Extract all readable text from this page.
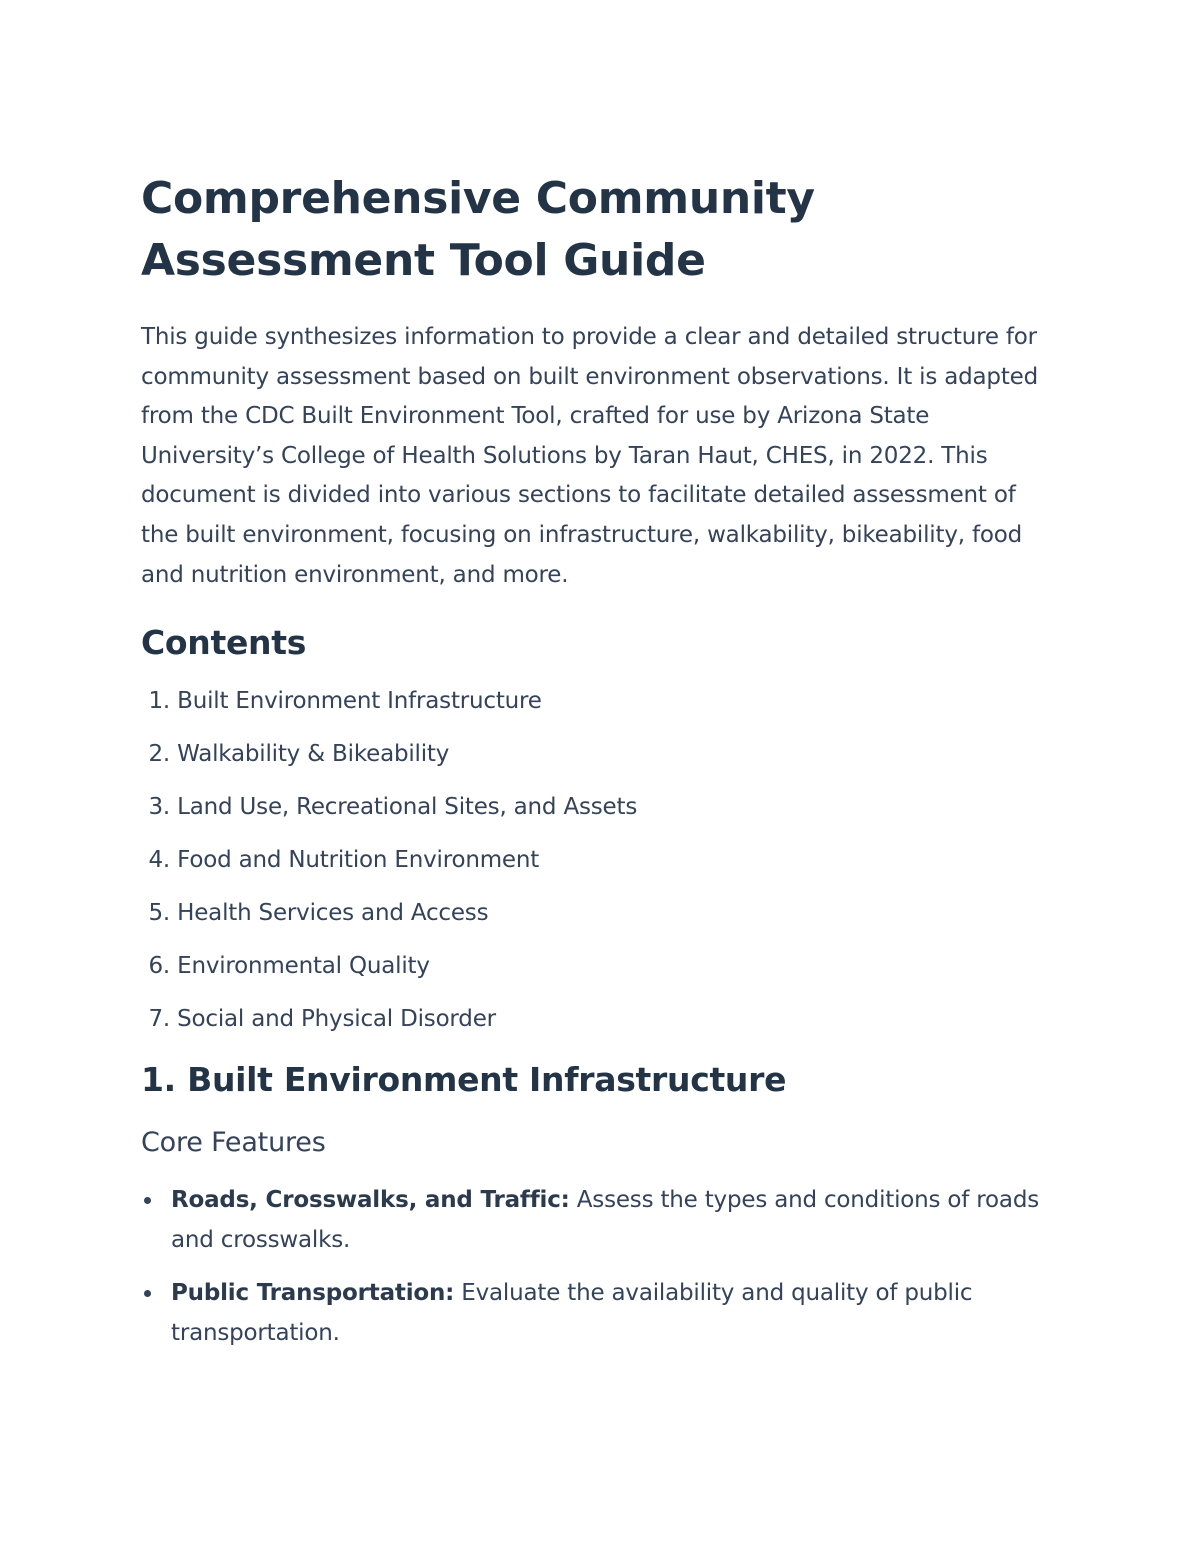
Comprehensive Community
Assessment Tool Guide

This guide synthesizes information to provide a clear and detailed structure for community assessment based on built environment observations. It is adapted from the CDC Built Environment Tool, crafted for use by Arizona State University’s College of Health Solutions by Taran Haut, CHES, in 2022. This document is divided into various sections to facilitate detailed assessment of the built environment, focusing on infrastructure, walkability, bikeability, food and nutrition environment, and more.

Contents
1. Built Environment Infrastructure
2. Walkability & Bikeability
3. Land Use, Recreational Sites, and Assets
4. Food and Nutrition Environment
5. Health Services and Access
6. Environmental Quality
7. Social and Physical Disorder
1. Built Environment Infrastructure
Core Features
Roads, Crosswalks, and Traffic: Assess the types and conditions of roads and crosswalks.
Public Transportation: Evaluate the availability and quality of public transportation.
